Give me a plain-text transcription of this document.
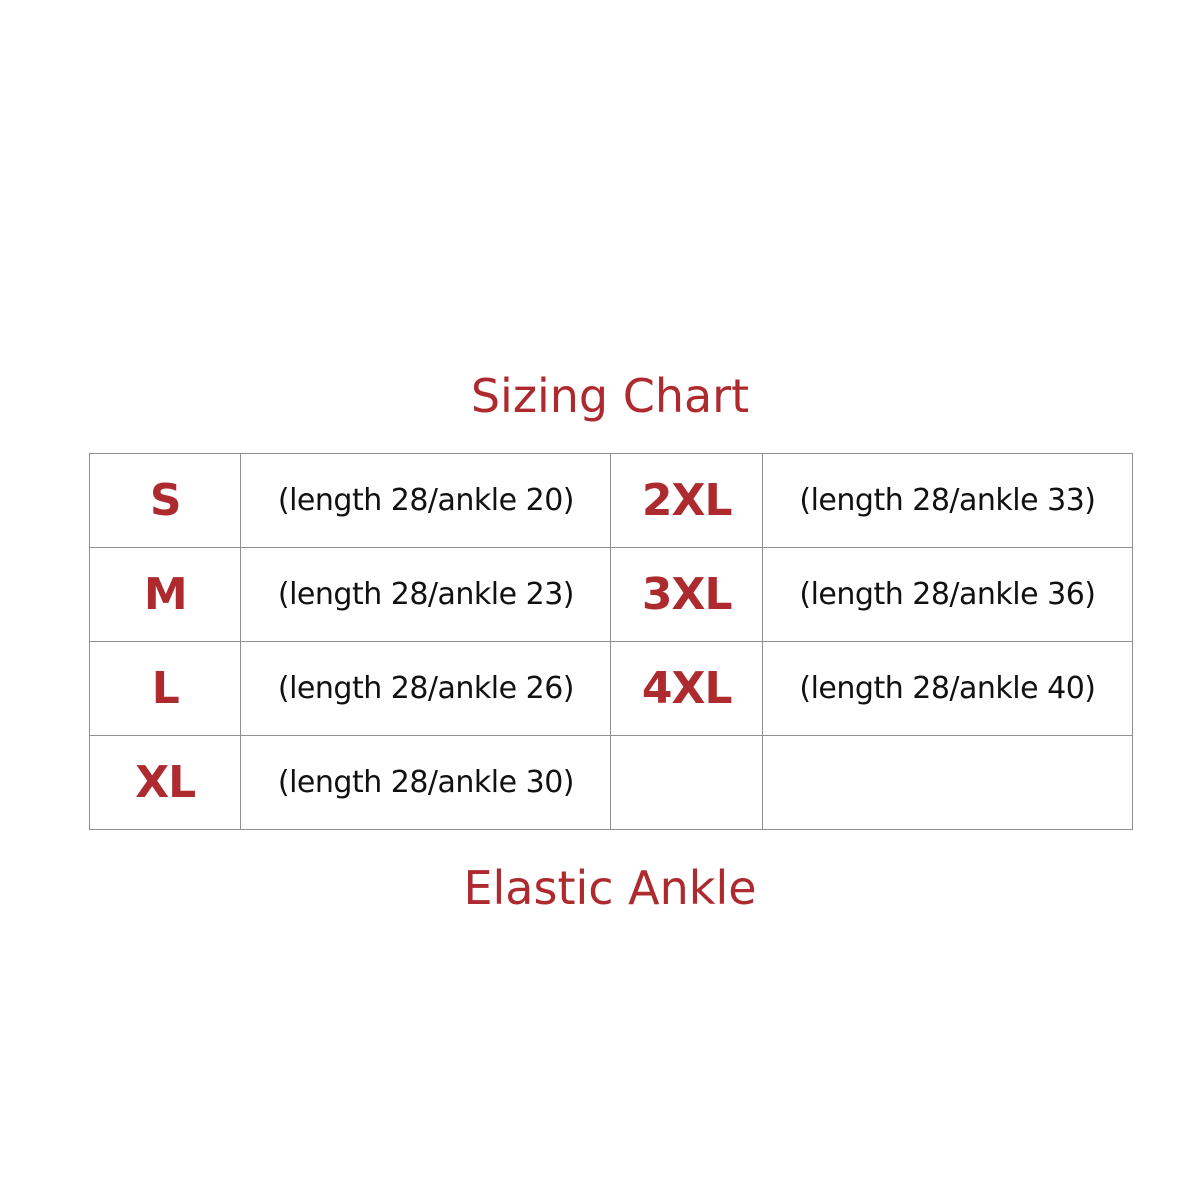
Sizing Chart
S	(length 28/ankle 20)	2XL	(length 28/ankle 33)
M	(length 28/ankle 23)	3XL	(length 28/ankle 36)
L	(length 28/ankle 26)	4XL	(length 28/ankle 40)
XL	(length 28/ankle 30)		
Elastic Ankle
